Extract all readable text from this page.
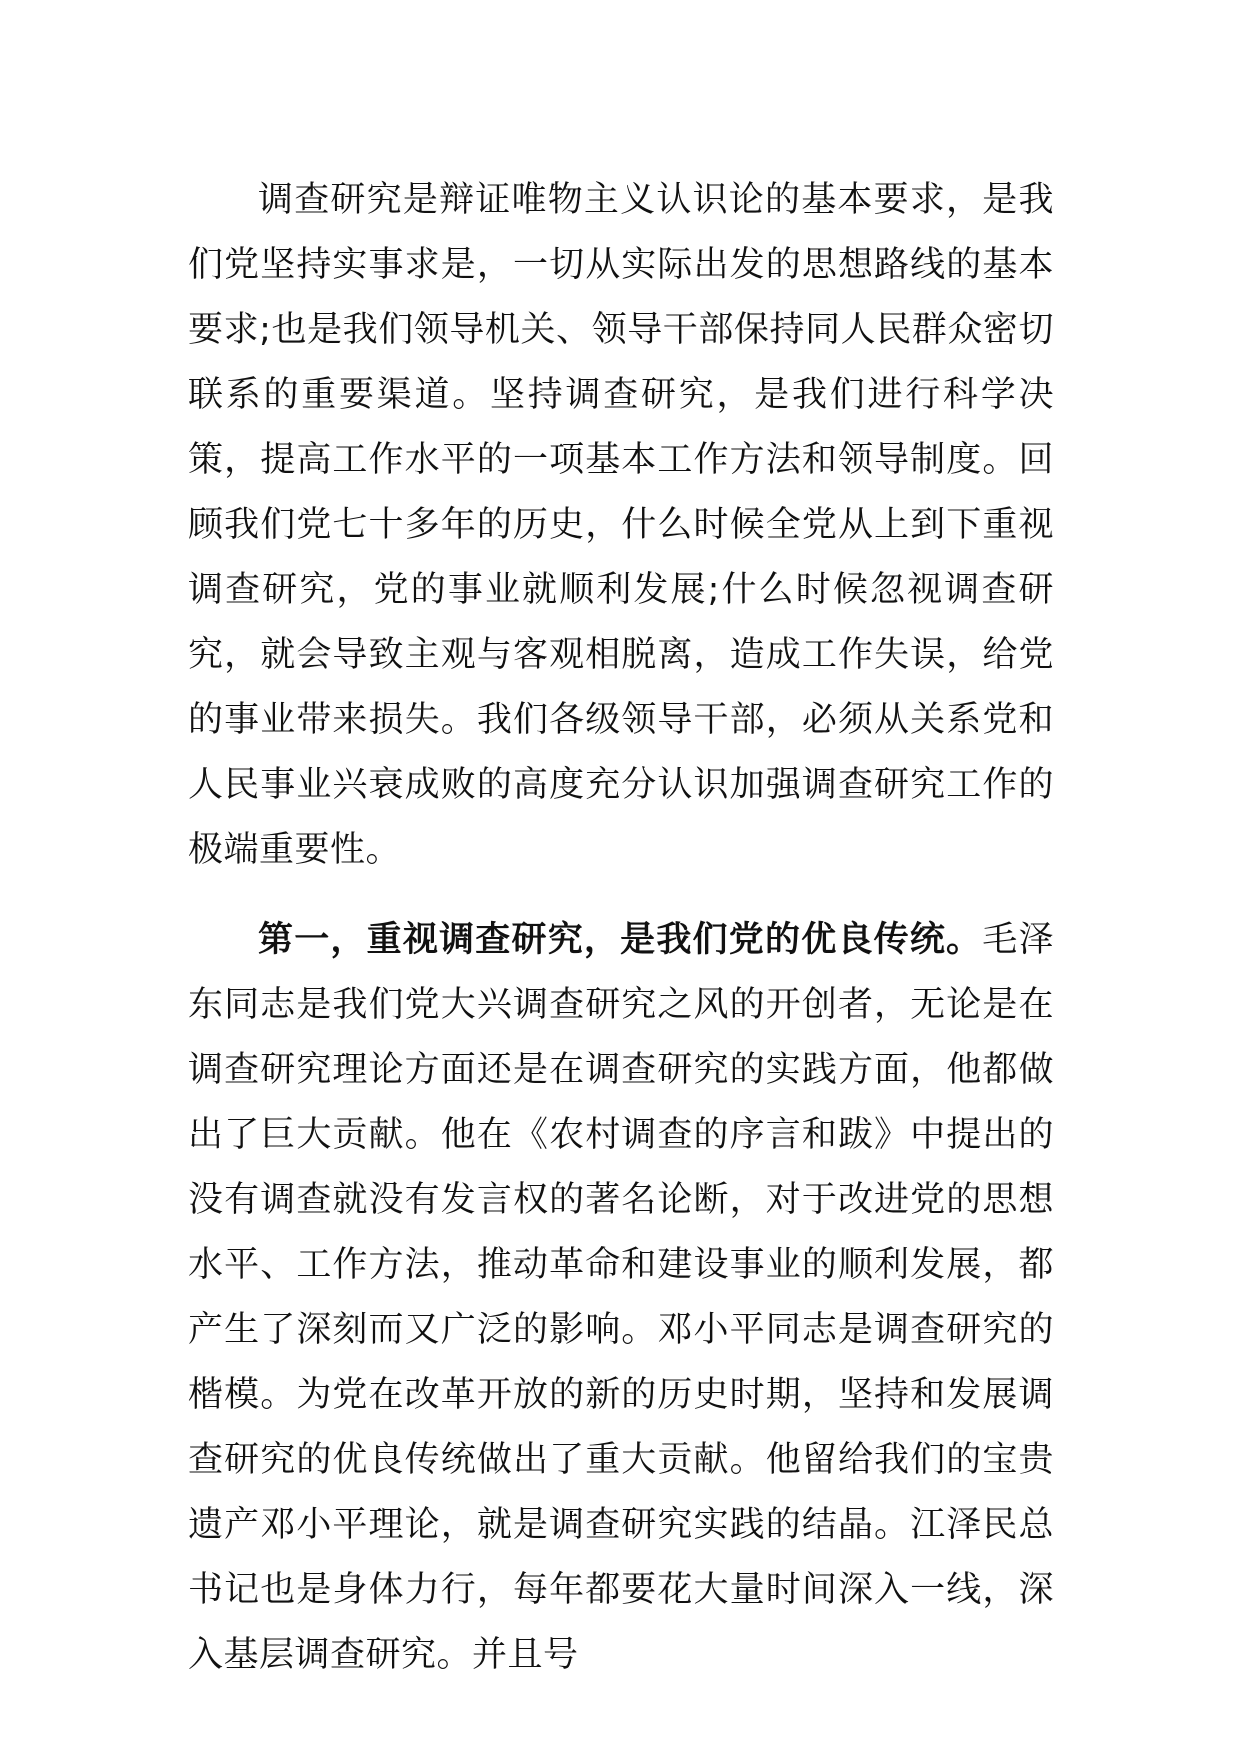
调查研究是辩证唯物主义认识论的基本要求，是我们党坚持实事求是，一切从实际出发的思想路线的基本要求;也是我们领导机关、领导干部保持同人民群众密切联系的重要渠道。坚持调查研究，是我们进行科学决策，提高工作水平的一项基本工作方法和领导制度。回顾我们党七十多年的历史，什么时候全党从上到下重视调查研究，党的事业就顺利发展;什么时候忽视调查研究，就会导致主观与客观相脱离，造成工作失误，给党的事业带来损失。我们各级领导干部，必须从关系党和人民事业兴衰成败的高度充分认识加强调查研究工作的极端重要性。

第一，重视调查研究，是我们党的优良传统。毛泽东同志是我们党大兴调查研究之风的开创者，无论是在调查研究理论方面还是在调查研究的实践方面，他都做出了巨大贡献。他在《农村调查的序言和跋》中提出的没有调查就没有发言权的著名论断，对于改进党的思想水平、工作方法，推动革命和建设事业的顺利发展，都产生了深刻而又广泛的影响。邓小平同志是调查研究的楷模。为党在改革开放的新的历史时期，坚持和发展调查研究的优良传统做出了重大贡献。他留给我们的宝贵遗产邓小平理论，就是调查研究实践的结晶。江泽民总书记也是身体力行，每年都要花大量时间深入一线，深入基层调查研究。并且号
